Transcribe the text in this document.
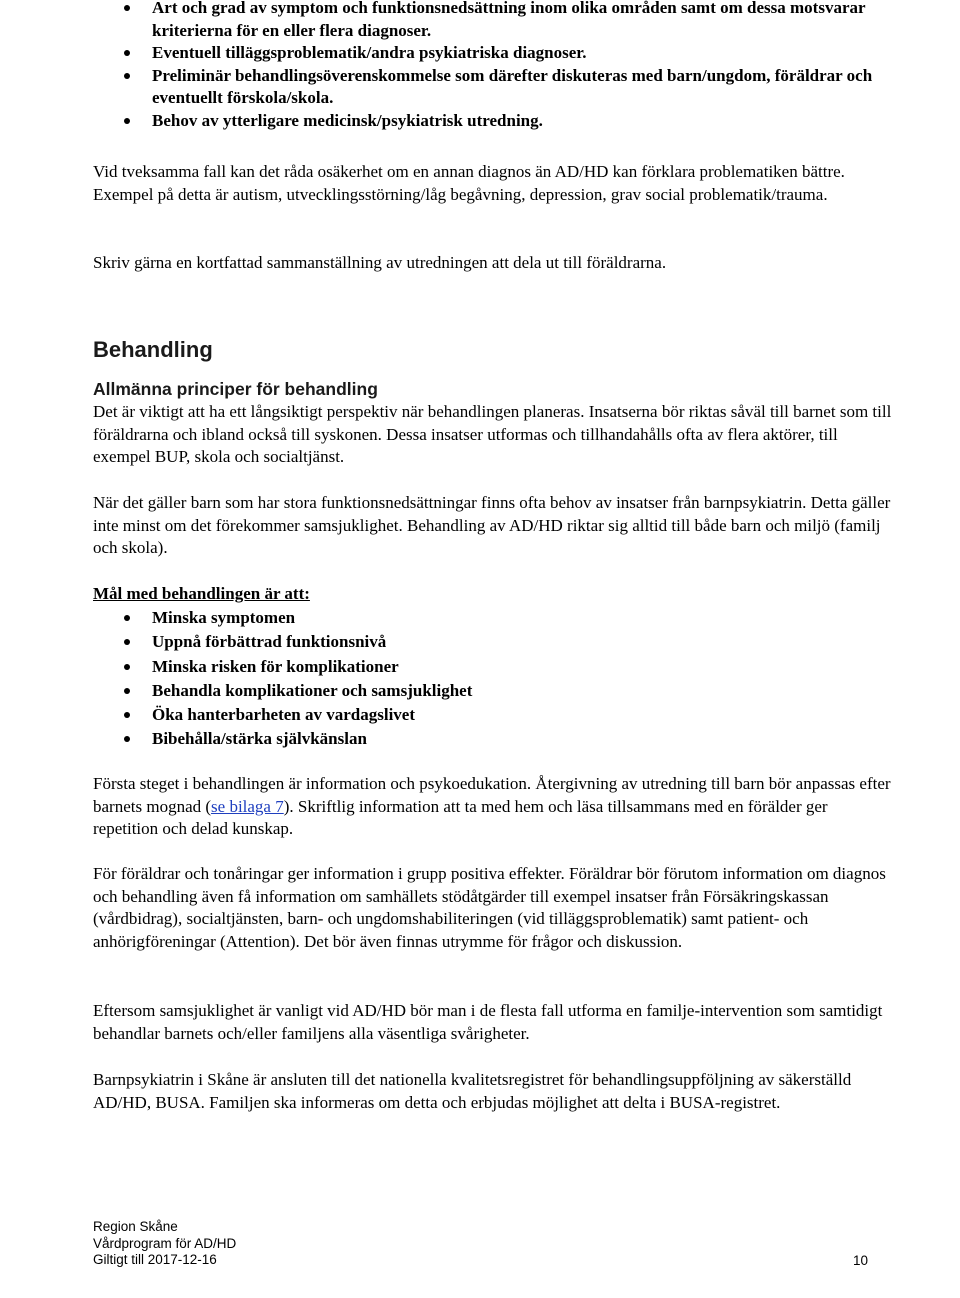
Art och grad av symptom och funktionsnedsättning inom olika områden samt om dessa motsvarar kriterierna för en eller flera diagnoser.
Eventuell tilläggsproblematik/andra psykiatriska diagnoser.
Preliminär behandlingsöverenskommelse som därefter diskuteras med barn/ungdom, föräldrar och eventuellt förskola/skola.
Behov av ytterligare medicinsk/psykiatrisk utredning.

Vid tveksamma fall kan det råda osäkerhet om en annan diagnos än AD/HD kan förklara problematiken bättre. Exempel på detta är autism, utvecklingsstörning/låg begåvning, depression, grav social problematik/trauma.

Skriv gärna en kortfattad sammanställning av utredningen att dela ut till föräldrarna.

Behandling
Allmänna principer för behandling

Det är viktigt att ha ett långsiktigt perspektiv när behandlingen planeras. Insatserna bör riktas såväl till barnet som till föräldrarna och ibland också till syskonen. Dessa insatser utformas och tillhandahålls ofta av flera aktörer, till exempel BUP, skola och socialtjänst.

När det gäller barn som har stora funktionsnedsättningar finns ofta behov av insatser från barnpsykiatrin. Detta gäller inte minst om det förekommer samsjuklighet. Behandling av AD/HD riktar sig alltid till både barn och miljö (familj och skola).

Mål med behandlingen är att:

Minska symptomen
Uppnå förbättrad funktionsnivå
Minska risken för komplikationer
Behandla komplikationer och samsjuklighet
Öka hanterbarheten av vardagslivet
Bibehålla/stärka självkänslan

Första steget i behandlingen är information och psykoedukation. Återgivning av utredning till barn bör anpassas efter barnets mognad (se bilaga 7). Skriftlig information att ta med hem och läsa tillsammans med en förälder ger repetition och delad kunskap.

För föräldrar och tonåringar ger information i grupp positiva effekter. Föräldrar bör förutom information om diagnos och behandling även få information om samhällets stödåtgärder till exempel insatser från Försäkringskassan (vårdbidrag), socialtjänsten, barn- och ungdomshabiliteringen (vid tilläggsproblematik) samt patient- och anhörigföreningar (Attention). Det bör även finnas utrymme för frågor och diskussion.

Eftersom samsjuklighet är vanligt vid AD/HD bör man i de flesta fall utforma en familje-intervention som samtidigt behandlar barnets och/eller familjens alla väsentliga svårigheter.

Barnpsykiatrin i Skåne är ansluten till det nationella kvalitetsregistret för behandlingsuppföljning av säkerställd AD/HD, BUSA. Familjen ska informeras om detta och erbjudas möjlighet att delta i BUSA-registret.

Region Skåne
Vårdprogram för AD/HD
Giltigt till 2017-12-16	10
